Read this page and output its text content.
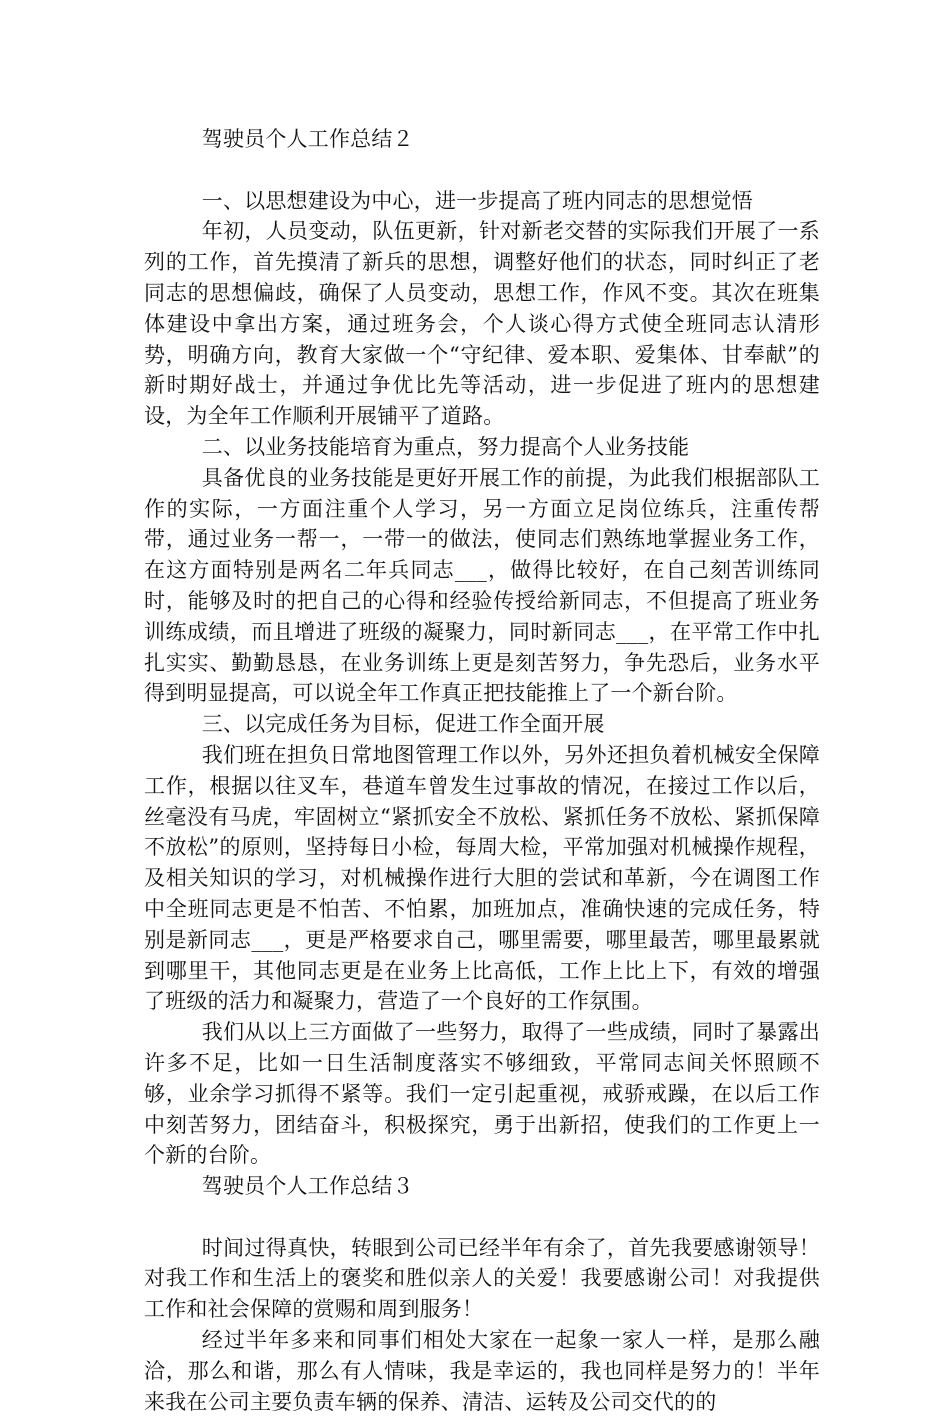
驾驶员个人工作总结２

一、以思想建设为中心，进一步提高了班内同志的思想觉悟

年初，人员变动，队伍更新，针对新老交替的实际我们开展了一系列的工作，首先摸清了新兵的思想，调整好他们的状态，同时纠正了老同志的思想偏歧，确保了人员变动，思想工作，作风不变。其次在班集体建设中拿出方案，通过班务会，个人谈心得方式使全班同志认清形势，明确方向，教育大家做一个“守纪律、爱本职、爱集体、甘奉献”的新时期好战士，并通过争优比先等活动，进一步促进了班内的思想建设，为全年工作顺利开展铺平了道路。

二、以业务技能培育为重点，努力提高个人业务技能

具备优良的业务技能是更好开展工作的前提，为此我们根据部队工作的实际，一方面注重个人学习，另一方面立足岗位练兵，注重传帮带，通过业务一帮一，一带一的做法，使同志们熟练地掌握业务工作，在这方面特别是两名二年兵同志___，做得比较好，在自己刻苦训练同时，能够及时的把自己的心得和经验传授给新同志，不但提高了班业务训练成绩，而且增进了班级的凝聚力，同时新同志___，在平常工作中扎扎实实、勤勤恳恳，在业务训练上更是刻苦努力，争先恐后，业务水平得到明显提高，可以说全年工作真正把技能推上了一个新台阶。

三、以完成任务为目标，促进工作全面开展

我们班在担负日常地图管理工作以外，另外还担负着机械安全保障工作，根据以往叉车，巷道车曾发生过事故的情况，在接过工作以后，丝毫没有马虎，牢固树立“紧抓安全不放松、紧抓任务不放松、紧抓保障不放松”的原则，坚持每日小检，每周大检，平常加强对机械操作规程，及相关知识的学习，对机械操作进行大胆的尝试和革新，今在调图工作中全班同志更是不怕苦、不怕累，加班加点，准确快速的完成任务，特别是新同志___，更是严格要求自己，哪里需要，哪里最苦，哪里最累就到哪里干，其他同志更是在业务上比高低，工作上比上下，有效的增强了班级的活力和凝聚力，营造了一个良好的工作氛围。

我们从以上三方面做了一些努力，取得了一些成绩，同时了暴露出许多不足，比如一日生活制度落实不够细致，平常同志间关怀照顾不够，业余学习抓得不紧等。我们一定引起重视，戒骄戒躁，在以后工作中刻苦努力，团结奋斗，积极探究，勇于出新招，使我们的工作更上一个新的台阶。

驾驶员个人工作总结３

时间过得真快，转眼到公司已经半年有余了，首先我要感谢领导！对我工作和生活上的褒奖和胜似亲人的关爱！我要感谢公司！对我提供工作和社会保障的赏赐和周到服务！

经过半年多来和同事们相处大家在一起象一家人一样，是那么融洽，那么和谐，那么有人情味，我是幸运的，我也同样是努力的！半年来我在公司主要负责车辆的保养、清洁、运转及公司交代的的
